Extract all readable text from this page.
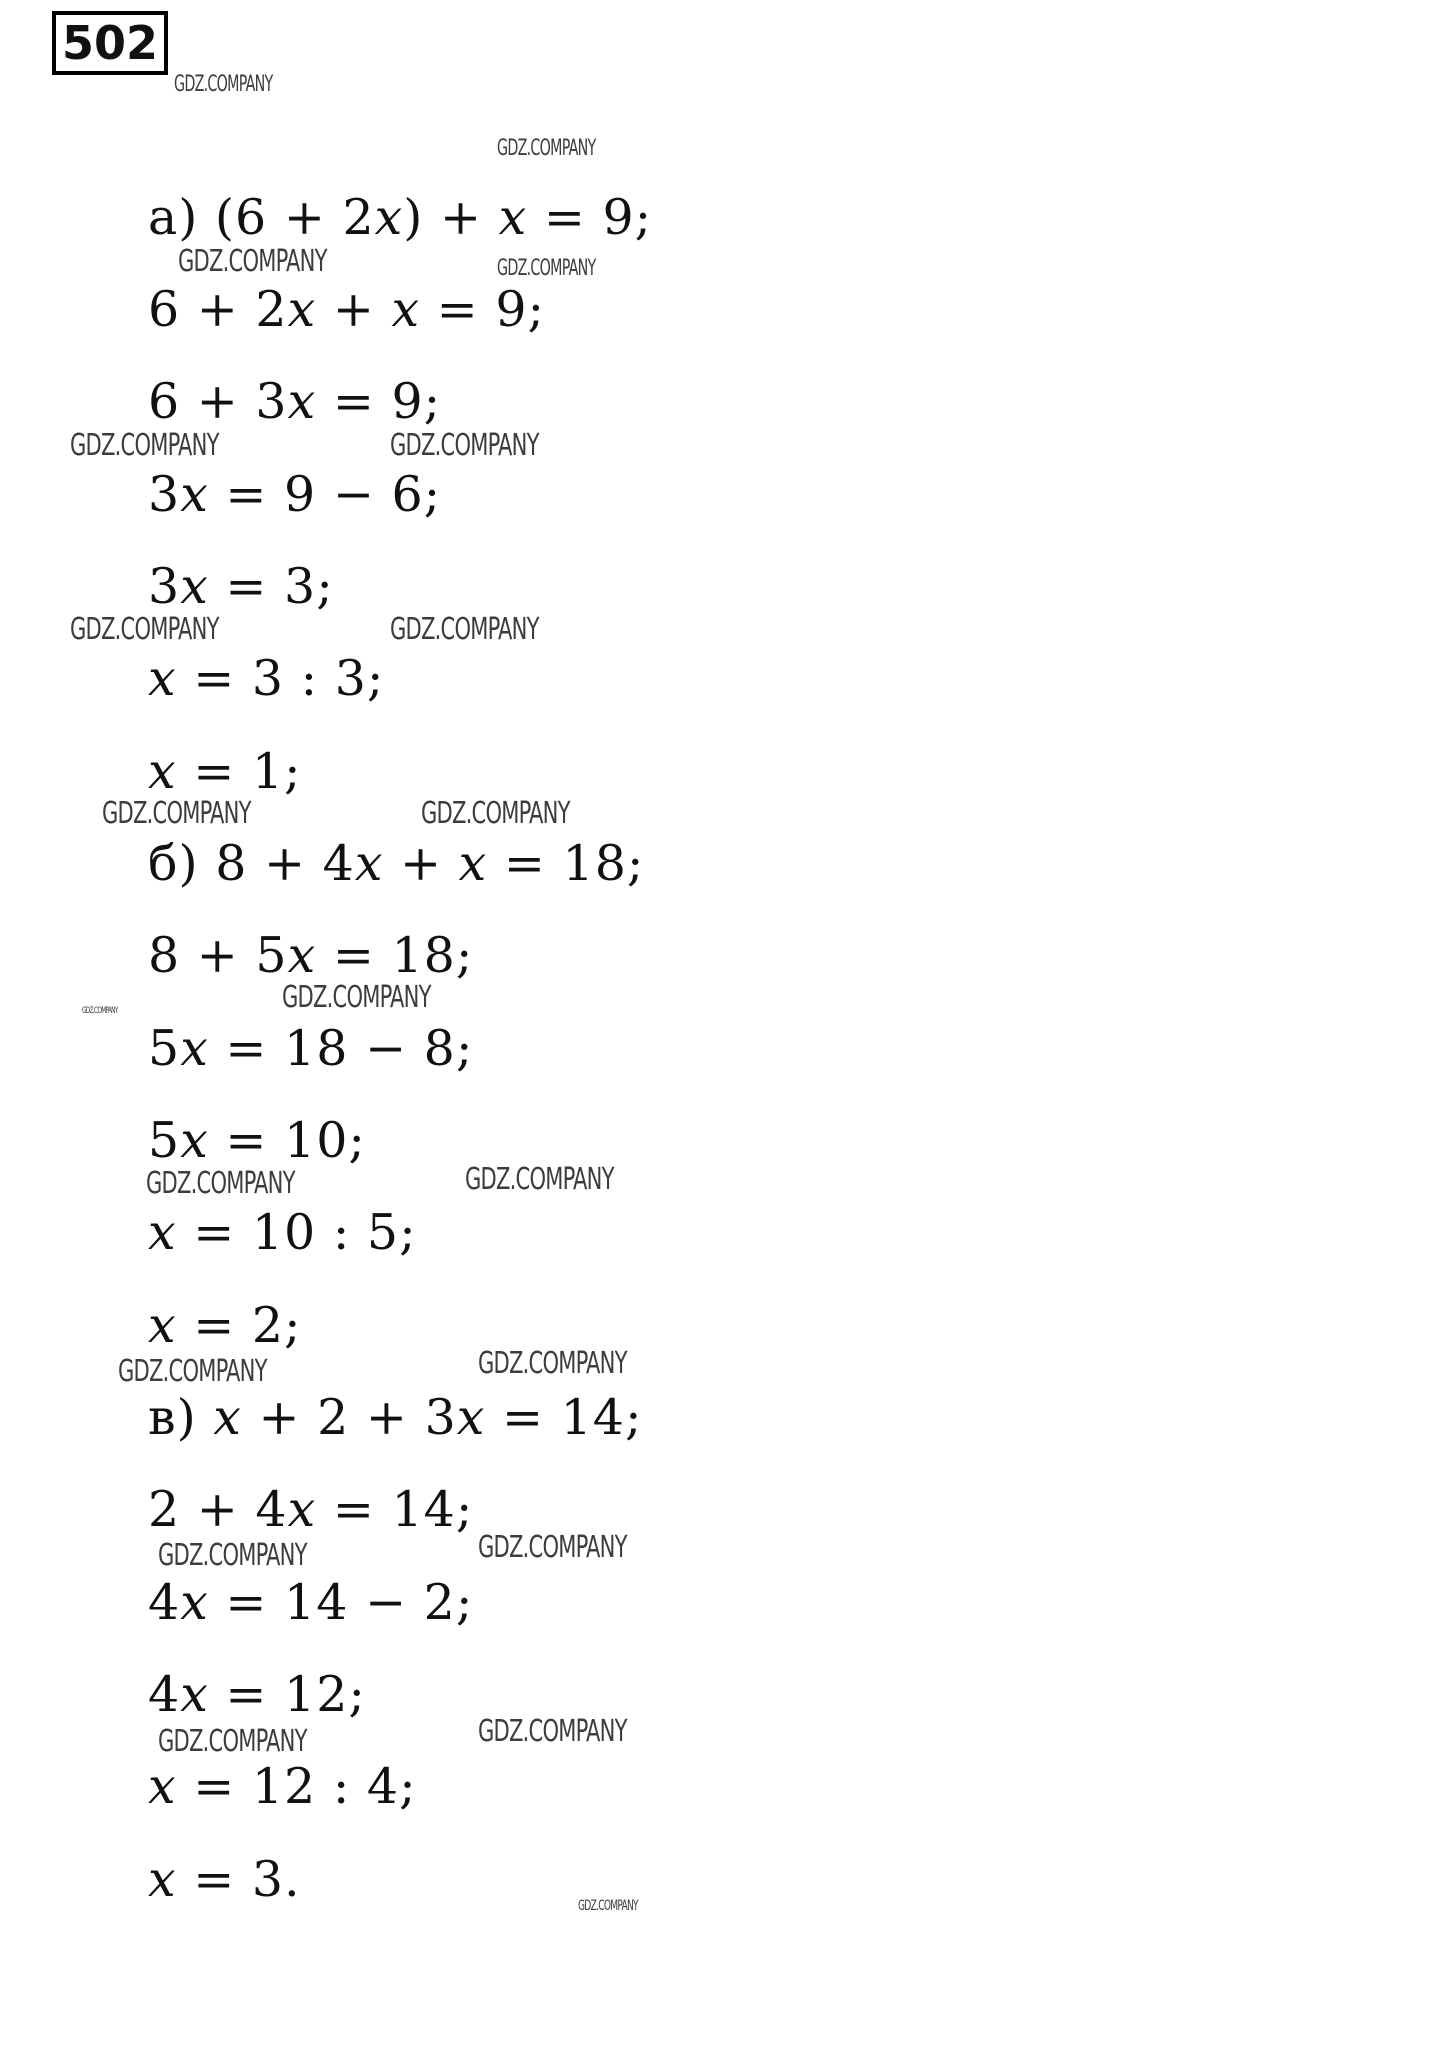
502
а) (6 + 2x) + x = 9;
6 + 2x + x = 9;
6 + 3x = 9;
3x = 9 − 6;
3x = 3;
x = 3 : 3;
x = 1;
б) 8 + 4x + x = 18;
8 + 5x = 18;
5x = 18 − 8;
5x = 10;
x = 10 : 5;
x = 2;
в) x + 2 + 3x = 14;
2 + 4x = 14;
4x = 14 − 2;
4x = 12;
x = 12 : 4;
x = 3.
GDZ.COMPANY
GDZ.COMPANY
GDZ.COMPANY	GDZ.COMPANY
GDZ.COMPANY	GDZ.COMPANY
GDZ.COMPANY	GDZ.COMPANY
GDZ.COMPANY	GDZ.COMPANY
GDZ.COMPANY	GDZ.COMPANY
GDZ.COMPANY	GDZ.COMPANY
GDZ.COMPANY	GDZ.COMPANY
GDZ.COMPANY	GDZ.COMPANY
GDZ.COMPANY	GDZ.COMPANY
GDZ.COMPANY
